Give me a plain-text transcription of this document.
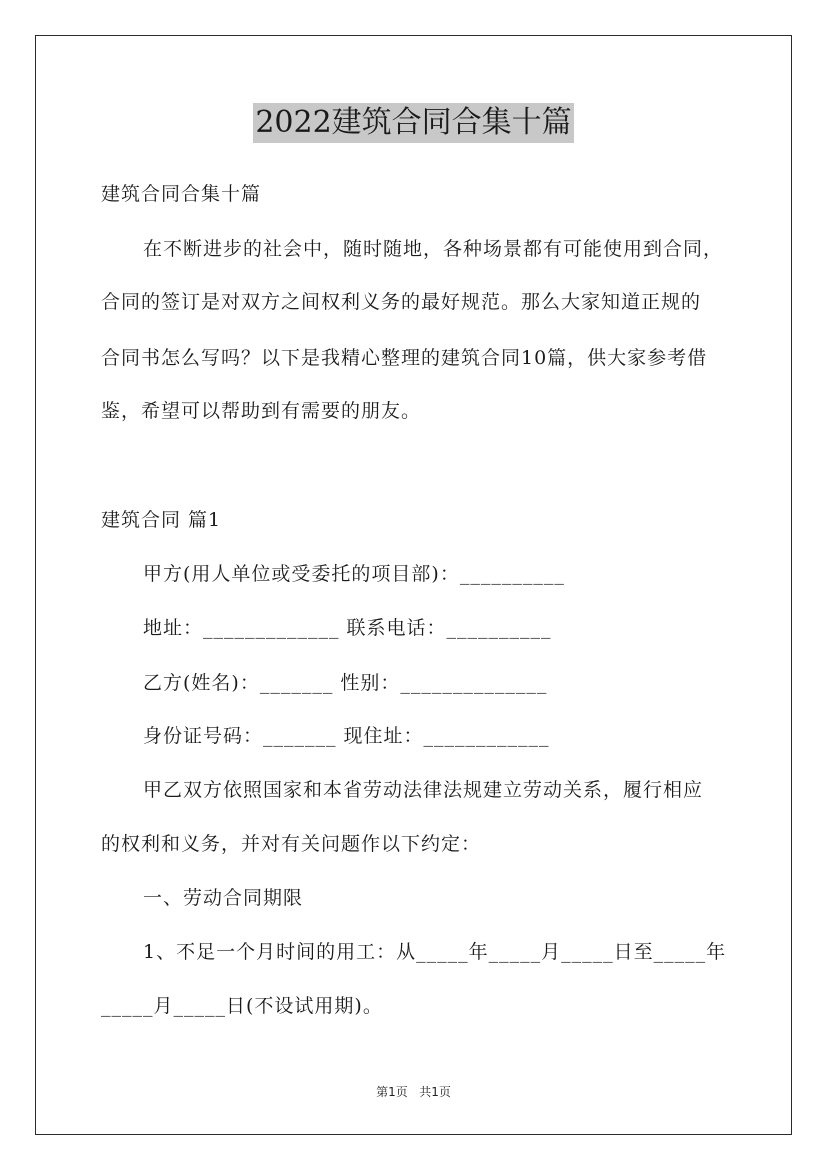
2022建筑合同合集十篇
建筑合同合集十篇
在不断进步的社会中，随时随地，各种场景都有可能使用到合同，
合同的签订是对双方之间权利义务的最好规范。那么大家知道正规的
合同书怎么写吗？以下是我精心整理的建筑合同10篇，供大家参考借
鉴，希望可以帮助到有需要的朋友。
建筑合同 篇1
甲方(用人单位或受委托的项目部)：__________
地址：_____________ 联系电话：__________
乙方(姓名)：_______ 性别：______________
身份证号码：_______ 现住址：____________
甲乙双方依照国家和本省劳动法律法规建立劳动关系，履行相应
的权利和义务，并对有关问题作以下约定：
一、劳动合同期限
1、不足一个月时间的用工：从_____年_____月_____日至_____年
_____月_____日(不设试用期)。
第1页 共1页
